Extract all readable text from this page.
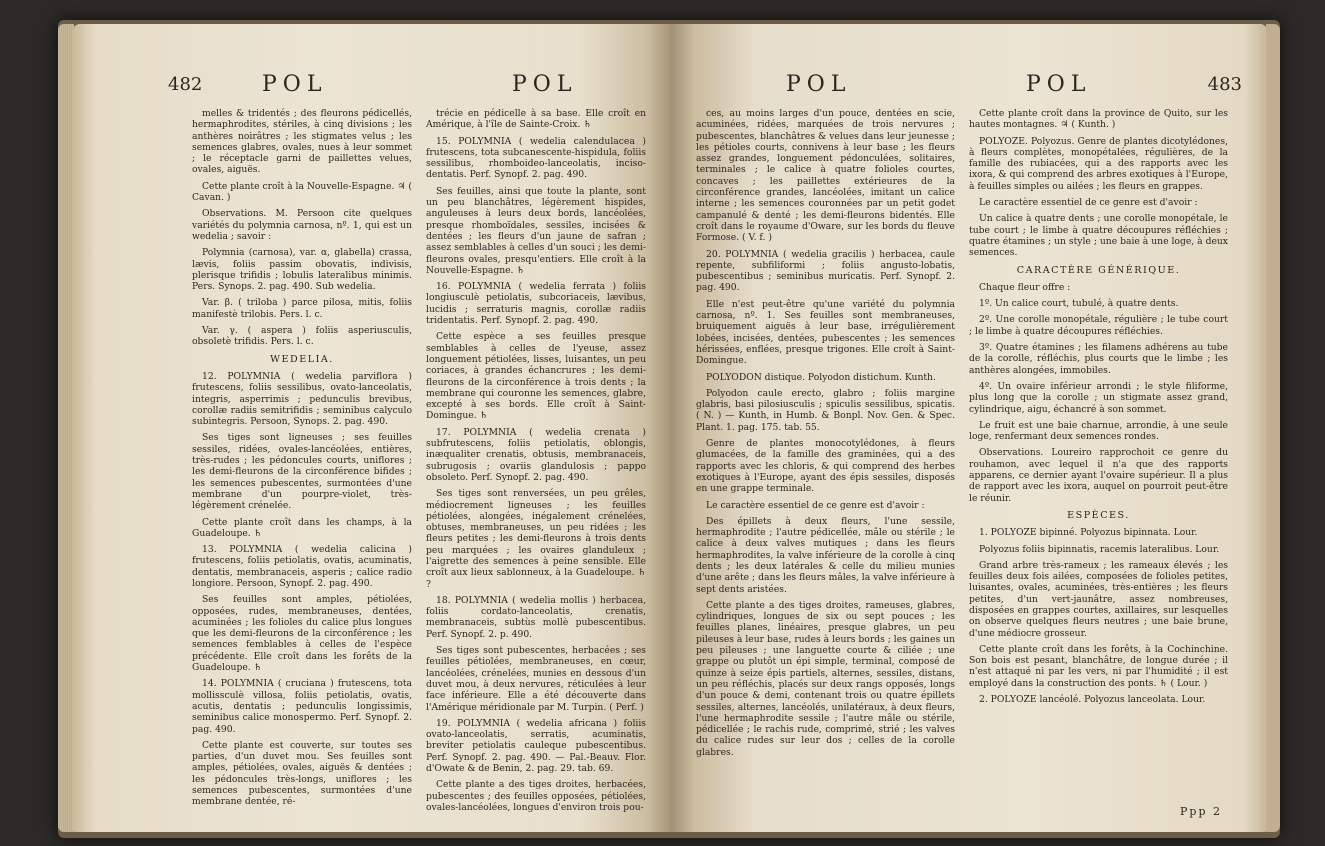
482	POL	POL

melles & tridentés ; des fleurons pédicellés, hermaphrodites, stériles, à cinq divisions ; les anthères noirâtres ; les stigmates velus ; les semences glabres, ovales, nues à leur sommet ; le réceptacle garni de paillettes velues, ovales, aiguës.

Cette plante croît à la Nouvelle-Espagne. ♃ ( Cavan. )

Observations. M. Persoon cite quelques variétés du polymnia carnosa, nº. 1, qui est un wedelia ; savoir :

Polymnia (carnosa), var. α, glabella) crassa, lævis, foliis passim obovatis, indivisis, plerisque trifidis ; lobulis lateralibus minimis. Pers. Synops. 2. pag. 490. Sub wedelia.

Var. β. ( triloba ) parce pilosa, mitis, foliis manifestè trilobis. Pers. l. c.

Var. γ. ( aspera ) foliis asperiusculis, obsoletè trifidis. Pers. l. c.

WEDELIA.

12. POLYMNIA ( wedelia parviflora ) frutescens, foliis sessilibus, ovato-lanceolatis, integris, asperrimis ; pedunculis brevibus, corollæ radiis semitrifidis ; seminibus calyculo subintegris. Persoon, Synops. 2. pag. 490.

Ses tiges sont ligneuses ; ses feuilles sessiles, ridées, ovales-lancéolées, entières, très-rudes ; les pédoncules courts, uniflores ; les demi-fleurons de la circonférence bifides ; les semences pubescentes, surmontées d'une membrane d'un pourpre-violet, très-légèrement crénelée.

Cette plante croît dans les champs, à la Guadeloupe. ♄

13. POLYMNIA ( wedelia calicina ) frutescens, foliis petiolatis, ovatis, acuminatis, dentatis, membranaceis, asperis ; calice radio longiore. Persoon, Synopf. 2. pag. 490.

Ses feuilles sont amples, pétiolées, opposées, rudes, membraneuses, dentées, acuminées ; les folioles du calice plus longues que les demi-fleurons de la circonférence ; les semences femblables à celles de l'espèce précédente. Elle croît dans les forêts de la Guadeloupe. ♄

14. POLYMNIA ( cruciana ) frutescens, tota mollissculè villosa, foliis petiolatis, ovatis, acutis, dentatis ; pedunculis longissimis, seminibus calice monospermo. Perf. Synopf. 2. pag. 490.

Cette plante est couverte, sur toutes ses parties, d'un duvet mou. Ses feuilles sont amples, pétiolées, ovales, aiguës & dentées ; les pédoncules très-longs, uniflores ; les semences pubescentes, surmontées d'une membrane dentée, ré-

trécie en pédicelle à sa base. Elle croît en Amérique, à l'île de Sainte-Croix. ♄

15. POLYMNIA ( wedelia calendulacea ) frutescens, tota subcanescente-hispidula, foliis sessilibus, rhomboideo-lanceolatis, inciso-dentatis. Perf. Synopf. 2. pag. 490.

Ses feuilles, ainsi que toute la plante, sont un peu blanchâtres, légèrement hispides, anguleuses à leurs deux bords, lancéolées, presque rhomboïdales, sessiles, incisées & dentées ; les fleurs d'un jaune de safran ; assez semblables à celles d'un souci ; les demi-fleurons ovales, presqu'entiers. Elle croît à la Nouvelle-Espagne. ♄

16. POLYMNIA ( wedelia ferrata ) foliis longiusculè petiolatis, subcoriaceis, lævibus, lucidis ; serraturis magnis, corollæ radiis tridentatis. Perf. Synopf. 2. pag. 490.

Cette espèce a ses feuilles presque semblables à celles de l'yeuse, assez longuement pétiolées, lisses, luisantes, un peu coriaces, à grandes échancrures ; les demi-fleurons de la circonférence à trois dents ; la membrane qui couronne les semences, glabre, excepté à ses bords. Elle croît à Saint-Domingue. ♄

17. POLYMNIA ( wedelia crenata ) subfrutescens, foliis petiolatis, oblongis, inæqualiter crenatis, obtusis, membranaceis, subrugosis ; ovariis glandulosis ; pappo obsoleto. Perf. Synopf. 2. pag. 490.

Ses tiges sont renversées, un peu grêles, médiocrement ligneuses ; les feuilles pétiolées, alongées, inégalement crénelées, obtuses, membraneuses, un peu ridées ; les fleurs petites ; les demi-fleurons à trois dents peu marquées ; les ovaires glanduleux ; l'aigrette des semences à peine sensible. Elle croît aux lieux sablonneux, à la Guadeloupe. ♄ ?

18. POLYMNIA ( wedelia mollis ) herbacea, foliis cordato-lanceolatis, crenatis, membranaceis, subtùs mollè pubescentibus. Perf. Synopf. 2. p. 490.

Ses tiges sont pubescentes, herbacées ; ses feuilles pétiolées, membraneuses, en cœur, lancéolées, crénelées, munies en dessous d'un duvet mou, à deux nervures, réticulées à leur face inférieure. Elle a été découverte dans l'Amérique méridionale par M. Turpin. ( Perf. )

19. POLYMNIA ( wedelia africana ) foliis ovato-lanceolatis, serratis, acuminatis, breviter petiolatis cauleque pubescentibus. Perf. Synopf. 2. pag. 490. — Pal.-Beauv. Flor. d'Owate & de Benin, 2. pag. 29. tab. 69.

Cette plante a des tiges droites, herbacées, pubescentes ; des feuilles opposées, pétiolées, ovales-lancéolées, longues d'environ trois pou-

POL	POL	483

ces, au moins larges d'un pouce, dentées en scie, acuminées, ridées, marquées de trois nervures ; pubescentes, blanchâtres & velues dans leur jeunesse ; les pétioles courts, connivens à leur base ; les fleurs assez grandes, longuement pédonculées, solitaires, terminales ; le calice à quatre folioles courtes, concaves ; les paillettes extérieures de la circonférence grandes, lancéolées, imitant un calice interne ; les semences couronnées par un petit godet campanulé & denté ; les demi-fleurons bidentés. Elle croît dans le royaume d'Oware, sur les bords du fleuve Formose. ( V. f. )

20. POLYMNIA ( wedelia gracilis ) herbacea, caule repente, subfiliformi ; foliis angusto-lobatis, pubescentibus ; seminibus muricatis. Perf. Synopf. 2. pag. 490.

Elle n'est peut-être qu'une variété du polymnia carnosa, nº. 1. Ses feuilles sont membraneuses, bruiquement aiguës à leur base, irrégulièrement lobées, incisées, dentées, pubescentes ; les semences hérissées, enflées, presque trigones. Elle croît à Saint-Domingue.

POLYODON distique. Polyodon distichum. Kunth.

Polyodon caule erecto, glabro ; foliis margine glabris, basi pilosiusculis ; spiculis sessilibus, spicatis. ( N. ) — Kunth, in Humb. & Bonpl. Nov. Gen. & Spec. Plant. 1. pag. 175. tab. 55.

Genre de plantes monocotylédones, à fleurs glumacées, de la famille des graminées, qui a des rapports avec les chloris, & qui comprend des herbes exotiques à l'Europe, ayant des épis sessiles, disposés en une grappe terminale.

Le caractère essentiel de ce genre est d'avoir :

Des épillets à deux fleurs, l'une sessile, hermaphrodite ; l'autre pédicellée, mâle ou stérile ; le calice à deux valves mutiques ; dans les fleurs hermaphrodites, la valve inférieure de la corolle à cinq dents ; les deux latérales & celle du milieu munies d'une arête ; dans les fleurs mâles, la valve inférieure à sept dents aristées.

Cette plante a des tiges droites, rameuses, glabres, cylindriques, longues de six ou sept pouces ; les feuilles planes, linéaires, presque glabres, un peu pileuses à leur base, rudes à leurs bords ; les gaines un peu pileuses ; une languette courte & ciliée ; une grappe ou plutôt un épi simple, terminal, composé de quinze à seize épis partiels, alternes, sessiles, distans, un peu réfléchis, placés sur deux rangs opposés, longs d'un pouce & demi, contenant trois ou quatre épillets sessiles, alternes, lancéolés, unilatéraux, à deux fleurs, l'une hermaphrodite sessile ; l'autre mâle ou stérile, pédicellée ; le rachis rude, comprimé, strié ; les valves du calice rudes sur leur dos ; celles de la corolle glabres.

Cette plante croît dans la province de Quito, sur les hautes montagnes. ♃ ( Kunth. )

POLYOZE. Polyozus. Genre de plantes dicotylédones, à fleurs complètes, monopétalées, régulières, de la famille des rubiacées, qui a des rapports avec les ixora, & qui comprend des arbres exotiques à l'Europe, à feuilles simples ou ailées ; les fleurs en grappes.

Le caractère essentiel de ce genre est d'avoir :

Un calice à quatre dents ; une corolle monopétale, le tube court ; le limbe à quatre découpures réfléchies ; quatre étamines ; un style ; une baie à une loge, à deux semences.

CARACTÈRE GÉNÉRIQUE.

Chaque fleur offre :

1º. Un calice court, tubulé, à quatre dents.

2º. Une corolle monopétale, régulière ; le tube court ; le limbe à quatre découpures réfléchies.

3º. Quatre étamines ; les filamens adhérens au tube de la corolle, réfléchis, plus courts que le limbe ; les anthères alongées, immobiles.

4º. Un ovaire inférieur arrondi ; le style filiforme, plus long que la corolle ; un stigmate assez grand, cylindrique, aigu, échancré à son sommet.

Le fruit est une baie charnue, arrondie, à une seule loge, renfermant deux semences rondes.

Observations. Loureiro rapprochoit ce genre du rouhamon, avec lequel il n'a que des rapports apparens, ce dernier ayant l'ovaire supérieur. Il a plus de rapport avec les ixora, auquel on pourroit peut-être le réunir.

ESPÈCES.

1. POLYOZE bipinné. Polyozus bipinnata. Lour.

Polyozus foliis bipinnatis, racemis lateralibus. Lour.

Grand arbre très-rameux ; les rameaux élevés ; les feuilles deux fois ailées, composées de folioles petites, luisantes, ovales, acuminées, très-entières ; les fleurs petites, d'un vert-jaunâtre, assez nombreuses, disposées en grappes courtes, axillaires, sur lesquelles on observe quelques fleurs neutres ; une baie brune, d'une médiocre grosseur.

Cette plante croît dans les forêts, à la Cochinchine. Son bois est pesant, blanchâtre, de longue durée ; il n'est attaqué ni par les vers, ni par l'humidité ; il est employé dans la construction des ponts. ♄ ( Lour. )

2. POLYOZE lancéolé. Polyozus lanceolata. Lour.

Ppp 2
